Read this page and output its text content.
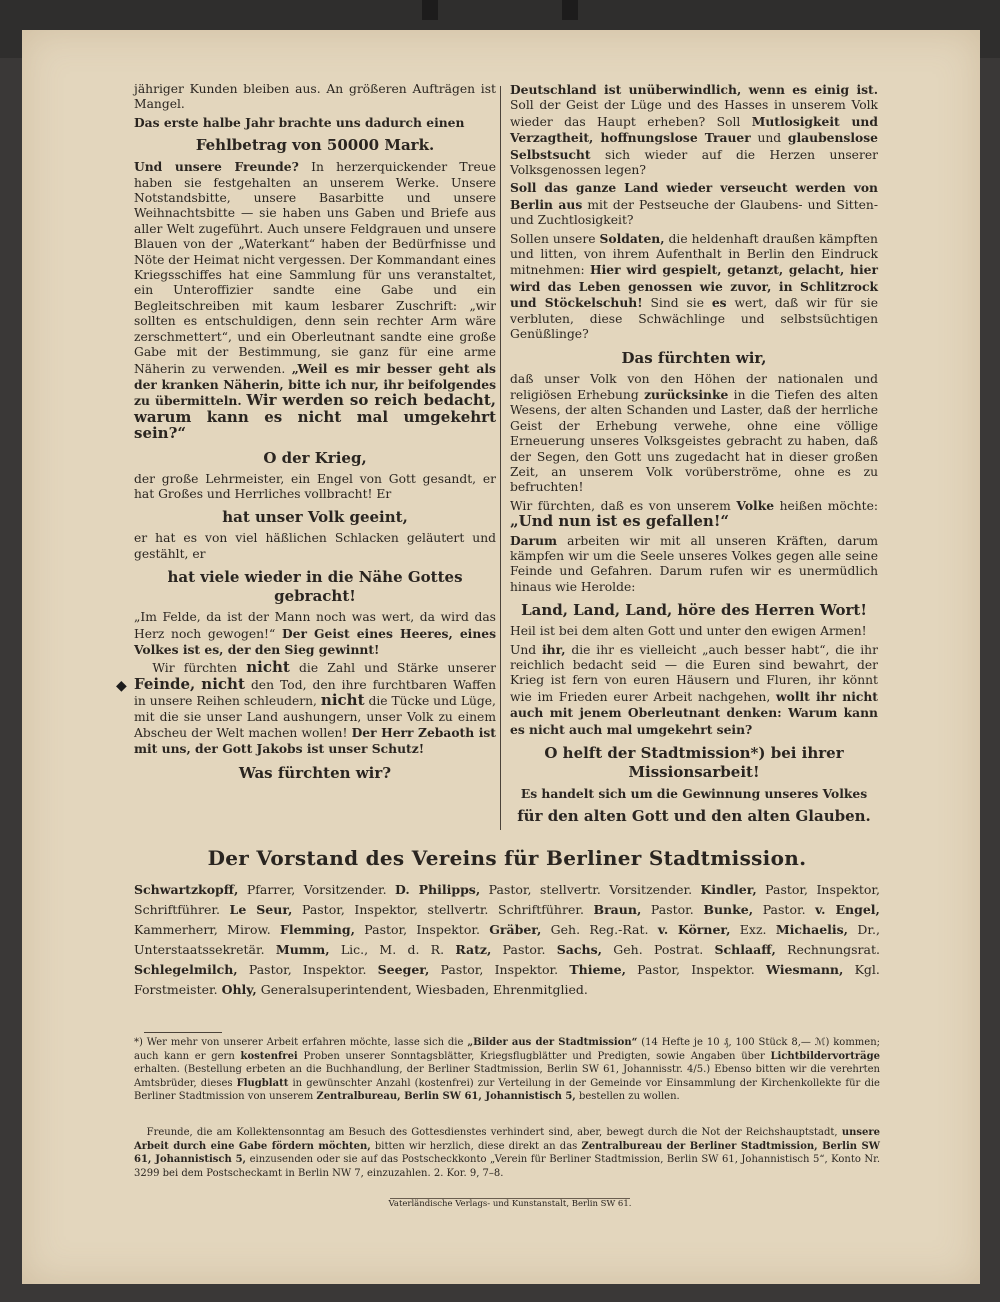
jähriger Kunden bleiben aus. An größeren Aufträgen ist Mangel.

Das erste halbe Jahr brachte uns dadurch einen

Fehlbetrag von 50000 Mark.

Und unsere Freunde? In herzerquickender Treue haben sie festgehalten an unserem Werke. Unsere Notstandsbitte, unsere Basarbitte und unsere Weihnachtsbitte — sie haben uns Gaben und Briefe aus aller Welt zugeführt. Auch unsere Feldgrauen und unsere Blauen von der „Waterkant“ haben der Bedürfnisse und Nöte der Heimat nicht vergessen. Der Kommandant eines Kriegsschiffes hat eine Sammlung für uns veranstaltet, ein Unteroffizier sandte eine Gabe und ein Begleitschreiben mit kaum lesbarer Zuschrift: „wir sollten es entschuldigen, denn sein rechter Arm wäre zerschmettert“, und ein Oberleutnant sandte eine große Gabe mit der Bestimmung, sie ganz für eine arme Näherin zu verwenden. „Weil es mir besser geht als der kranken Näherin, bitte ich nur, ihr beifolgendes zu übermitteln. Wir werden so reich bedacht, warum kann es nicht mal umgekehrt sein?“

O der Krieg,

der große Lehrmeister, ein Engel von Gott gesandt, er hat Großes und Herrliches vollbracht! Er

hat unser Volk geeint,

er hat es von viel häßlichen Schlacken geläutert und gestählt, er

hat viele wieder in die Nähe Gottes gebracht!

„Im Felde, da ist der Mann noch was wert, da wird das Herz noch gewogen!“ Der Geist eines Heeres, eines Volkes ist es, der den Sieg gewinnt!

Wir fürchten nicht die Zahl und Stärke unserer Feinde, nicht den Tod, den ihre furchtbaren Waffen in unsere Reihen schleudern, nicht die Tücke und Lüge, mit die sie unser Land aushungern, unser Volk zu einem Abscheu der Welt machen wollen! Der Herr Zebaoth ist mit uns, der Gott Jakobs ist unser Schutz!

Was fürchten wir?

Deutschland ist unüberwindlich, wenn es einig ist. Soll der Geist der Lüge und des Hasses in unserem Volk wieder das Haupt erheben? Soll Mutlosigkeit und Verzagtheit, hoffnungslose Trauer und glaubenslose Selbstsucht sich wieder auf die Herzen unserer Volksgenossen legen?

Soll das ganze Land wieder verseucht werden von Berlin aus mit der Pestseuche der Glaubens- und Sitten- und Zuchtlosigkeit?

Sollen unsere Soldaten, die heldenhaft draußen kämpften und litten, von ihrem Aufenthalt in Berlin den Eindruck mitnehmen: Hier wird gespielt, getanzt, gelacht, hier wird das Leben genossen wie zuvor, in Schlitzrock und Stöckelschuh! Sind sie es wert, daß wir für sie verbluten, diese Schwächlinge und selbstsüchtigen Genüßlinge?

Das fürchten wir,

daß unser Volk von den Höhen der nationalen und religiösen Erhebung zurücksinke in die Tiefen des alten Wesens, der alten Schanden und Laster, daß der herrliche Geist der Erhebung verwehe, ohne eine völlige Erneuerung unseres Volksgeistes gebracht zu haben, daß der Segen, den Gott uns zugedacht hat in dieser großen Zeit, an unserem Volk vorüberströme, ohne es zu befruchten!

Wir fürchten, daß es von unserem Volke heißen möchte: „Und nun ist es gefallen!“

Darum arbeiten wir mit all unseren Kräften, darum kämpfen wir um die Seele unseres Volkes gegen alle seine Feinde und Gefahren. Darum rufen wir es unermüdlich hinaus wie Herolde:

Land, Land, Land, höre des Herren Wort!

Heil ist bei dem alten Gott und unter den ewigen Armen!

Und ihr, die ihr es vielleicht „auch besser habt“, die ihr reichlich bedacht seid — die Euren sind bewahrt, der Krieg ist fern von euren Häusern und Fluren, ihr könnt wie im Frieden eurer Arbeit nachgehen, wollt ihr nicht auch mit jenem Oberleutnant denken: Warum kann es nicht auch mal umgekehrt sein?

O helft der Stadtmission*) bei ihrer Missionsarbeit!

Es handelt sich um die Gewinnung unseres Volkes

für den alten Gott und den alten Glauben.
◆
Der Vorstand des Vereins für Berliner Stadtmission.
Schwartzkopff, Pfarrer, Vorsitzender. D. Philipps, Pastor, stellvertr. Vorsitzender. Kindler, Pastor, Inspektor, Schriftführer. Le Seur, Pastor, Inspektor, stellvertr. Schriftführer. Braun, Pastor. Bunke, Pastor. v. Engel, Kammerherr, Mirow. Flemming, Pastor, Inspektor. Gräber, Geh. Reg.-Rat. v. Körner, Exz. Michaelis, Dr., Unterstaatssekretär. Mumm, Lic., M. d. R. Ratz, Pastor. Sachs, Geh. Postrat. Schlaaff, Rechnungsrat. Schlegelmilch, Pastor, Inspektor. Seeger, Pastor, Inspektor. Thieme, Pastor, Inspektor. Wiesmann, Kgl. Forstmeister. Ohly, Generalsuperintendent, Wiesbaden, Ehrenmitglied.
*) Wer mehr von unserer Arbeit erfahren möchte, lasse sich die „Bilder aus der Stadtmission“ (14 Hefte je 10 ₰, 100 Stück 8,— ℳ) kommen; auch kann er gern kostenfrei Proben unserer Sonntagsblätter, Kriegsflugblätter und Predigten, sowie Angaben über Lichtbildervorträge erhalten. (Bestellung erbeten an die Buchhandlung, der Berliner Stadtmission, Berlin SW 61, Johannisstr. 4/5.) Ebenso bitten wir die verehrten Amtsbrüder, dieses Flugblatt in gewünschter Anzahl (kostenfrei) zur Verteilung in der Gemeinde vor Einsammlung der Kirchenkollekte für die Berliner Stadtmission von unserem Zentralbureau, Berlin SW 61, Johannistisch 5, bestellen zu wollen.
Freunde, die am Kollektensonntag am Besuch des Gottesdienstes verhindert sind, aber, bewegt durch die Not der Reichshauptstadt, unsere Arbeit durch eine Gabe fördern möchten, bitten wir herzlich, diese direkt an das Zentralbureau der Berliner Stadtmission, Berlin SW 61, Johannistisch 5, einzusenden oder sie auf das Postscheckkonto „Verein für Berliner Stadtmission, Berlin SW 61, Johannistisch 5“, Konto Nr. 3299 bei dem Postscheckamt in Berlin NW 7, einzuzahlen. 2. Kor. 9, 7–8.
Vaterländische Verlags- und Kunstanstalt, Berlin SW 61.
